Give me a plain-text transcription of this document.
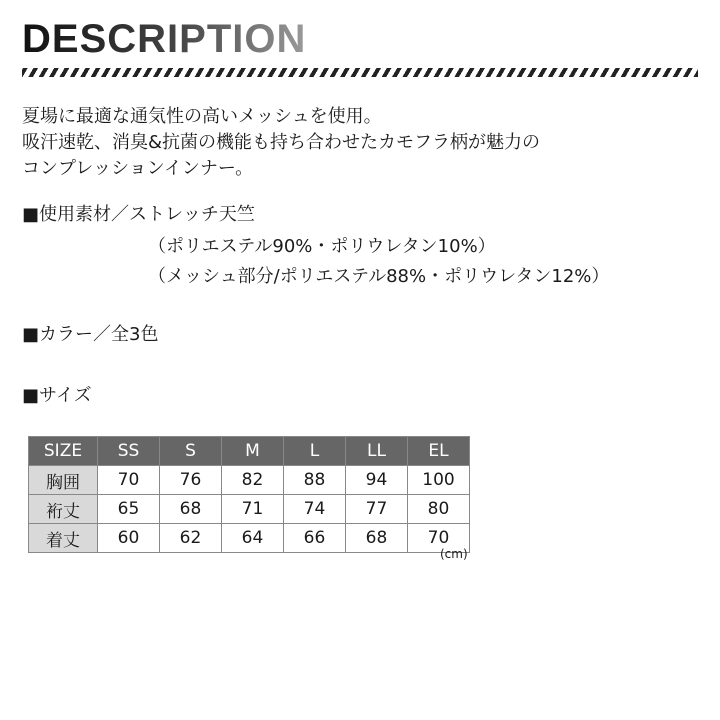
DESCRIPTION
夏場に最適な通気性の高いメッシュを使用。
吸汗速乾、消臭&抗菌の機能も持ち合わせたカモフラ柄が魅力の
コンプレッションインナー。
■使用素材／ストレッチ天竺
（ポリエステル90%・ポリウレタン10%）
（メッシュ部分/ポリエステル88%・ポリウレタン12%）
■カラー／全3色
■サイズ
SIZE	SS	S	M	L	LL	EL
胸囲	70	76	82	88	94	100
裄丈	65	68	71	74	77	80
着丈	60	62	64	66	68	70
(cm)
